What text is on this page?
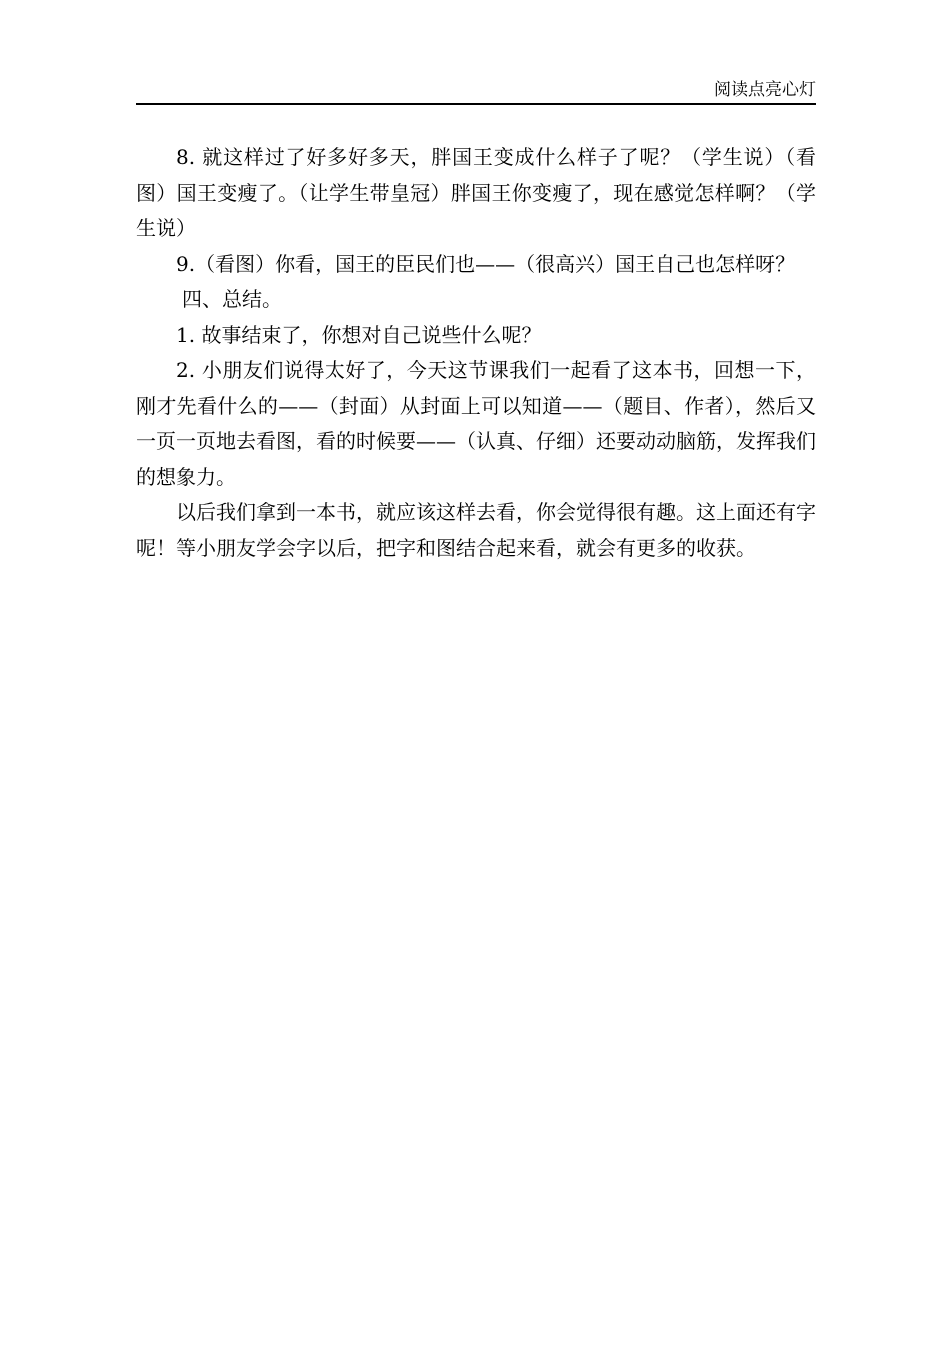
阅读点亮心灯

8. 就这样过了好多好多天，胖国王变成什么样子了呢？（学生说）（看图）国王变瘦了。（让学生带皇冠）胖国王你变瘦了，现在感觉怎样啊？（学生说）

9.（看图）你看，国王的臣民们也——（很高兴）国王自己也怎样呀？

四、总结。

1. 故事结束了，你想对自己说些什么呢？

2. 小朋友们说得太好了，今天这节课我们一起看了这本书，回想一下，刚才先看什么的——（封面）从封面上可以知道——（题目、作者），然后又一页一页地去看图，看的时候要——（认真、仔细）还要动动脑筋，发挥我们的想象力。

以后我们拿到一本书，就应该这样去看，你会觉得很有趣。这上面还有字呢！等小朋友学会字以后，把字和图结合起来看，就会有更多的收获。
